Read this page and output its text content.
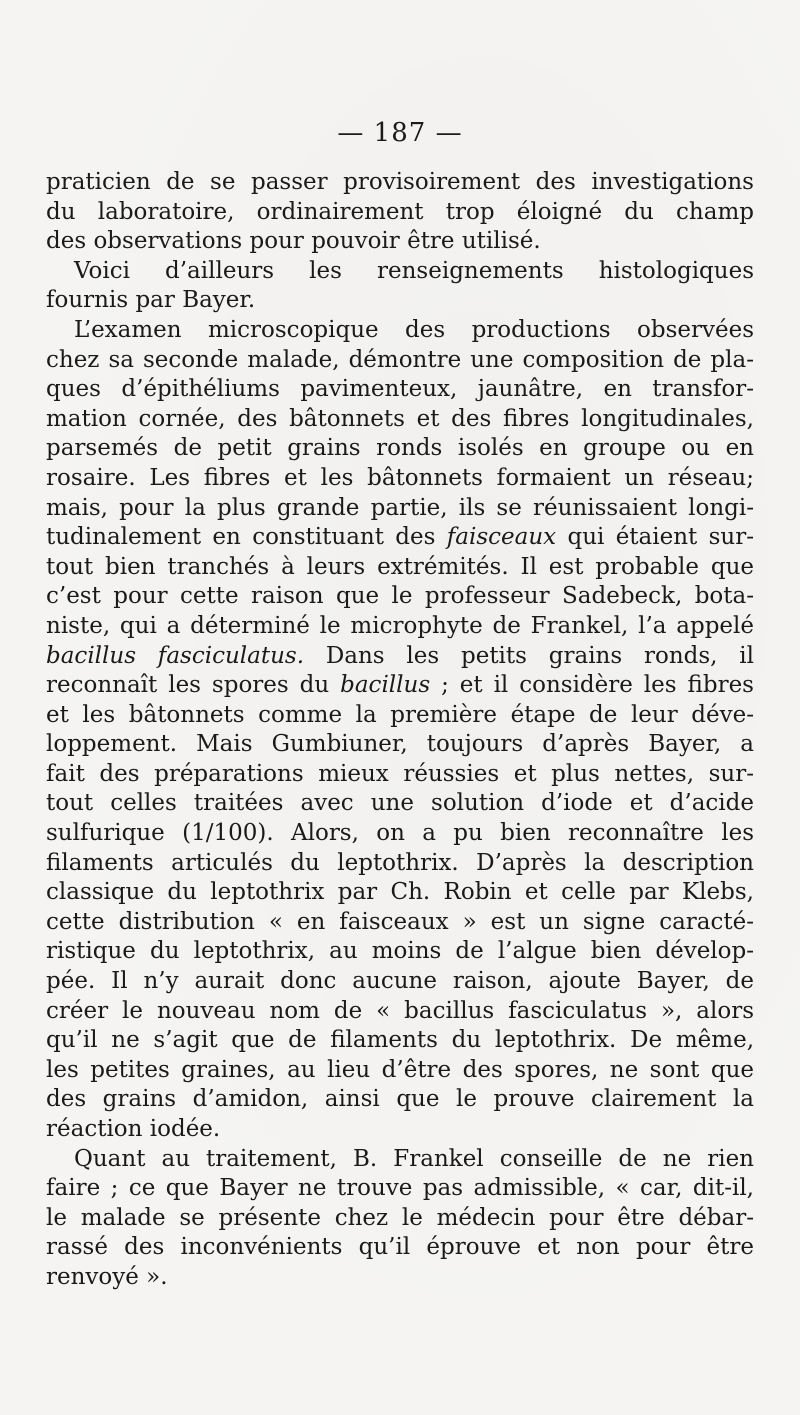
— 187 —

praticien de se passer provisoirement des investigations
du laboratoire, ordinairement trop éloigné du champ
des observations pour pouvoir être utilisé.
Voici d’ailleurs les renseignements histologiques
fournis par Bayer.
L’examen microscopique des productions observées
chez sa seconde malade, démontre une composition de pla-
ques d’épithéliums pavimenteux, jaunâtre, en transfor-
mation cornée, des bâtonnets et des fibres longitudinales,
parsemés de petit grains ronds isolés en groupe ou en
rosaire. Les fibres et les bâtonnets formaient un réseau;
mais, pour la plus grande partie, ils se réunissaient longi-
tudinalement en constituant des faisceaux qui étaient sur-
tout bien tranchés à leurs extrémités. Il est probable que
c’est pour cette raison que le professeur Sadebeck, bota-
niste, qui a déterminé le microphyte de Frankel, l’a appelé
bacillus fasciculatus. Dans les petits grains ronds, il
reconnaît les spores du bacillus ; et il considère les fibres
et les bâtonnets comme la première étape de leur déve-
loppement. Mais Gumbiuner, toujours d’après Bayer, a
fait des préparations mieux réussies et plus nettes, sur-
tout celles traitées avec une solution d’iode et d’acide
sulfurique (1/100). Alors, on a pu bien reconnaître les
filaments articulés du leptothrix. D’après la description
classique du leptothrix par Ch. Robin et celle par Klebs,
cette distribution « en faisceaux » est un signe caracté-
ristique du leptothrix, au moins de l’algue bien dévelop-
pée. Il n’y aurait donc aucune raison, ajoute Bayer, de
créer le nouveau nom de « bacillus fasciculatus », alors
qu’il ne s’agit que de filaments du leptothrix. De même,
les petites graines, au lieu d’être des spores, ne sont que
des grains d’amidon, ainsi que le prouve clairement la
réaction iodée.
Quant au traitement, B. Frankel conseille de ne rien
faire ; ce que Bayer ne trouve pas admissible, « car, dit-il,
le malade se présente chez le médecin pour être débar-
rassé des inconvénients qu’il éprouve et non pour être
renvoyé ».
